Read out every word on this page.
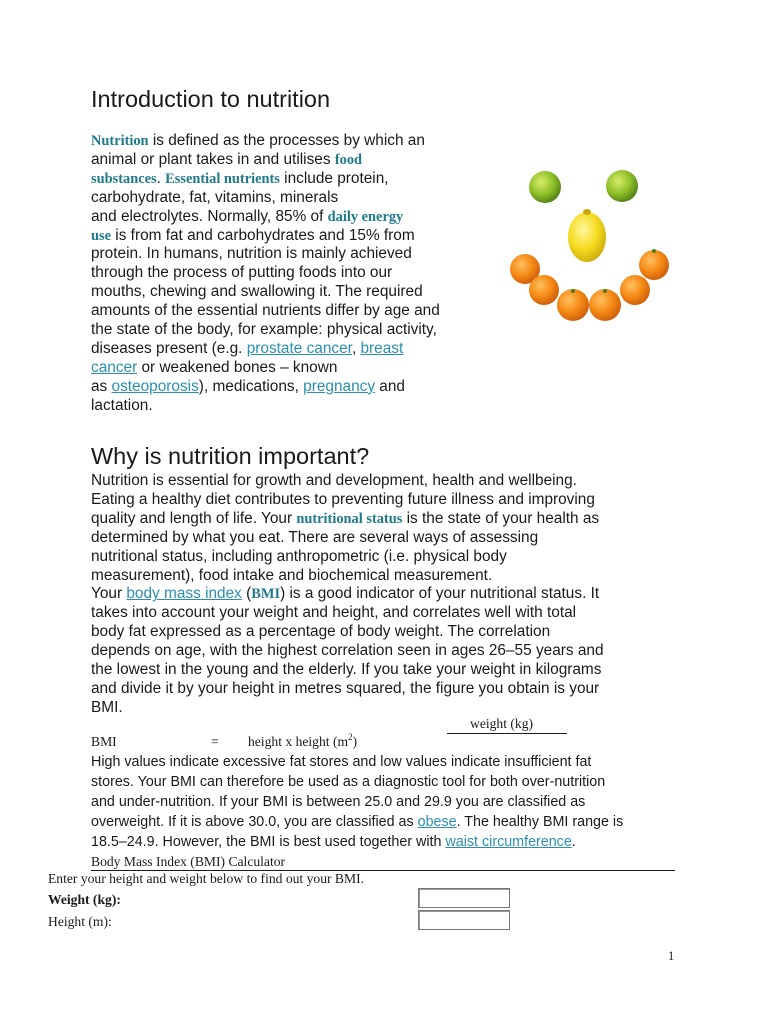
Introduction to nutrition
Nutrition is defined as the processes by which an
animal or plant takes in and utilises food
substances. Essential nutrients include protein,
carbohydrate, fat, vitamins, minerals
and electrolytes. Normally, 85% of daily energy
use is from fat and carbohydrates and 15% from
protein. In humans, nutrition is mainly achieved
through the process of putting foods into our
mouths, chewing and swallowing it. The required
amounts of the essential nutrients differ by age and
the state of the body, for example: physical activity,
diseases present (e.g. prostate cancer, breast
cancer or weakened bones – known
as osteoporosis), medications, pregnancy and
lactation.
Why is nutrition important?
Nutrition is essential for growth and development, health and wellbeing.
Eating a healthy diet contributes to preventing future illness and improving
quality and length of life. Your nutritional status is the state of your health as
determined by what you eat. There are several ways of assessing
nutritional status, including anthropometric (i.e. physical body
measurement), food intake and biochemical measurement.
Your body mass index (BMI) is a good indicator of your nutritional status. It
takes into account your weight and height, and correlates well with total
body fat expressed as a percentage of body weight. The correlation
depends on age, with the highest correlation seen in ages 26–55 years and
the lowest in the young and the elderly. If you take your weight in kilograms
and divide it by your height in metres squared, the figure you obtain is your
BMI.
weight (kg)
BMI	= height x height $(m^2)$
High values indicate excessive fat stores and low values indicate insufficient fat
stores. Your BMI can therefore be used as a diagnostic tool for both over-nutrition
and under-nutrition. If your BMI is between 25.0 and 29.9 you are classified as
overweight. If it is above 30.0, you are classified as obese. The healthy BMI range is
18.5–24.9. However, the BMI is best used together with waist circumference.
Body Mass Index (BMI) Calculator
Enter your height and weight below to find out your BMI.
Weight (kg):
Height (m):
1
